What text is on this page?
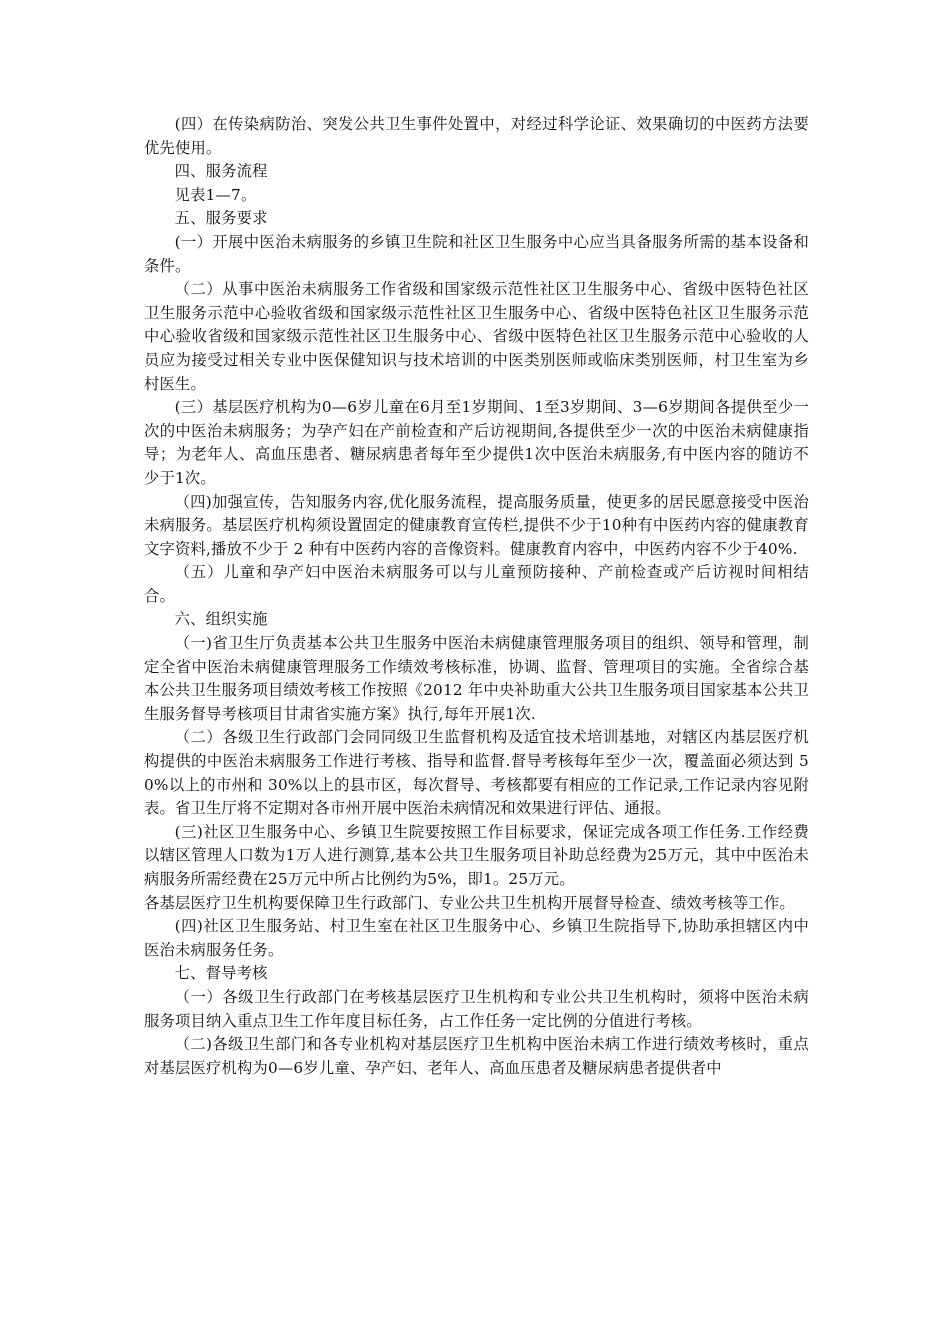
(四）在传染病防治、突发公共卫生事件处置中，对经过科学论证、效果确切的中医药方法要优先使用。

四、服务流程

见表1—7。

五、服务要求

(一）开展中医治未病服务的乡镇卫生院和社区卫生服务中心应当具备服务所需的基本设备和条件。

（二）从事中医治未病服务工作省级和国家级示范性社区卫生服务中心、省级中医特色社区卫生服务示范中心验收省级和国家级示范性社区卫生服务中心、省级中医特色社区卫生服务示范中心验收省级和国家级示范性社区卫生服务中心、省级中医特色社区卫生服务示范中心验收的人员应为接受过相关专业中医保健知识与技术培训的中医类别医师或临床类别医师，村卫生室为乡村医生。

(三）基层医疗机构为0—6岁儿童在6月至1岁期间、1至3岁期间、3—6岁期间各提供至少一次的中医治未病服务；为孕产妇在产前检查和产后访视期间,各提供至少一次的中医治未病健康指导；为老年人、高血压患者、糖尿病患者每年至少提供1次中医治未病服务,有中医内容的随访不少于1次。

（四)加强宣传，告知服务内容,优化服务流程，提高服务质量，使更多的居民愿意接受中医治未病服务。基层医疗机构须设置固定的健康教育宣传栏,提供不少于10种有中医药内容的健康教育文字资料,播放不少于 2 种有中医药内容的音像资料。健康教育内容中，中医药内容不少于40%.

（五）儿童和孕产妇中医治未病服务可以与儿童预防接种、产前检查或产后访视时间相结合。

六、组织实施

（一)省卫生厅负责基本公共卫生服务中医治未病健康管理服务项目的组织、领导和管理，制定全省中医治未病健康管理服务工作绩效考核标准，协调、监督、管理项目的实施。全省综合基本公共卫生服务项目绩效考核工作按照《2012 年中央补助重大公共卫生服务项目国家基本公共卫生服务督导考核项目甘肃省实施方案》执行,每年开展1次.

（二）各级卫生行政部门会同同级卫生监督机构及适宜技术培训基地，对辖区内基层医疗机构提供的中医治未病服务工作进行考核、指导和监督.督导考核每年至少一次，覆盖面必须达到 50%以上的市州和 30%以上的县市区，每次督导、考核都要有相应的工作记录,工作记录内容见附表。省卫生厅将不定期对各市州开展中医治未病情况和效果进行评估、通报。

(三)社区卫生服务中心、乡镇卫生院要按照工作目标要求，保证完成各项工作任务.工作经费以辖区管理人口数为1万人进行测算,基本公共卫生服务项目补助总经费为25万元，其中中医治未病服务所需经费在25万元中所占比例约为5%，即1。25万元。

各基层医疗卫生机构要保障卫生行政部门、专业公共卫生机构开展督导检查、绩效考核等工作。

(四)社区卫生服务站、村卫生室在社区卫生服务中心、乡镇卫生院指导下,协助承担辖区内中医治未病服务任务。

七、督导考核

（一）各级卫生行政部门在考核基层医疗卫生机构和专业公共卫生机构时，须将中医治未病服务项目纳入重点卫生工作年度目标任务，占工作任务一定比例的分值进行考核。

（二)各级卫生部门和各专业机构对基层医疗卫生机构中医治未病工作进行绩效考核时，重点对基层医疗机构为0—6岁儿童、孕产妇、老年人、高血压患者及糖尿病患者提供者中
